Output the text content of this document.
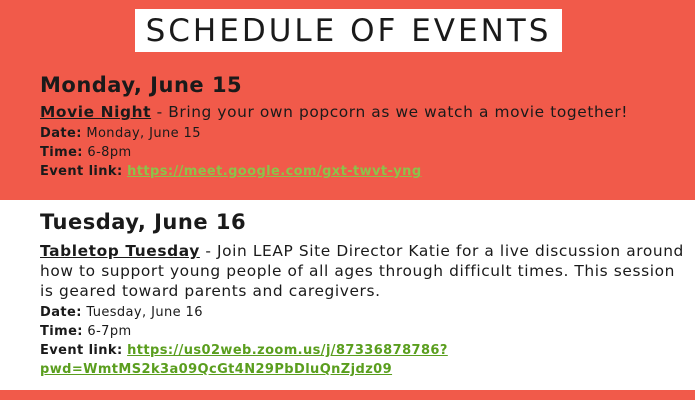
SCHEDULE OF EVENTS
Monday, June 15
Movie Night - Bring your own popcorn as we watch a movie together!
Date: Monday, June 15
Time: 6-8pm
Event link: https://meet.google.com/gxt-twvt-yng
Tuesday, June 16
Tabletop Tuesday - Join LEAP Site Director Katie for a live discussion around how to support young people of all ages through difficult times. This session is geared toward parents and caregivers.
Date: Tuesday, June 16
Time: 6-7pm
Event link: https://us02web.zoom.us/j/87336878786?
pwd=WmtMS2k3a09QcGt4N29PbDluQnZjdz09
